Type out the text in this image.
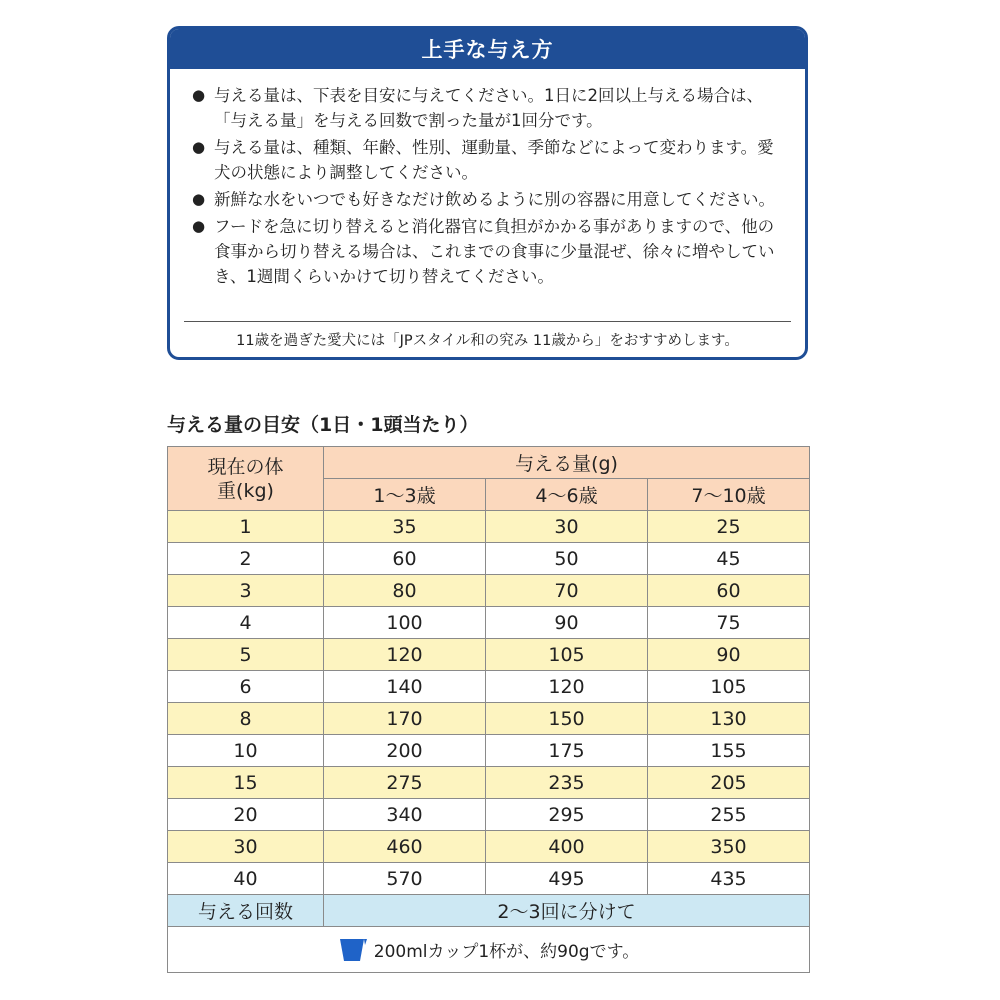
上手な与え方
● 与える量は、下表を目安に与えてください。1日に2回以上与える場合は、「与える量」を与える回数で割った量が1回分です。
● 与える量は、種類、年齢、性別、運動量、季節などによって変わります。愛犬の状態により調整してください。
● 新鮮な水をいつでも好きなだけ飲めるように別の容器に用意してください。
● フードを急に切り替えると消化器官に負担がかかる事がありますので、他の食事から切り替える場合は、これまでの食事に少量混ぜ、徐々に増やしていき、1週間くらいかけて切り替えてください。
11歳を過ぎた愛犬には「JPスタイル和の究み 11歳から」をおすすめします。
与える量の目安（1日・1頭当たり）
現在の体重(kg)	与える量(g)		
	1〜3歳	4〜6歳	7〜10歳
1	35	30	25
2	60	50	45
3	80	70	60
4	100	90	75
5	120	105	90
6	140	120	105
8	170	150	130
10	200	175	155
15	275	235	205
20	340	295	255
30	460	400	350
40	570	495	435
与える回数	2〜3回に分けて		

200mlカップ1杯が、約90gです。			
